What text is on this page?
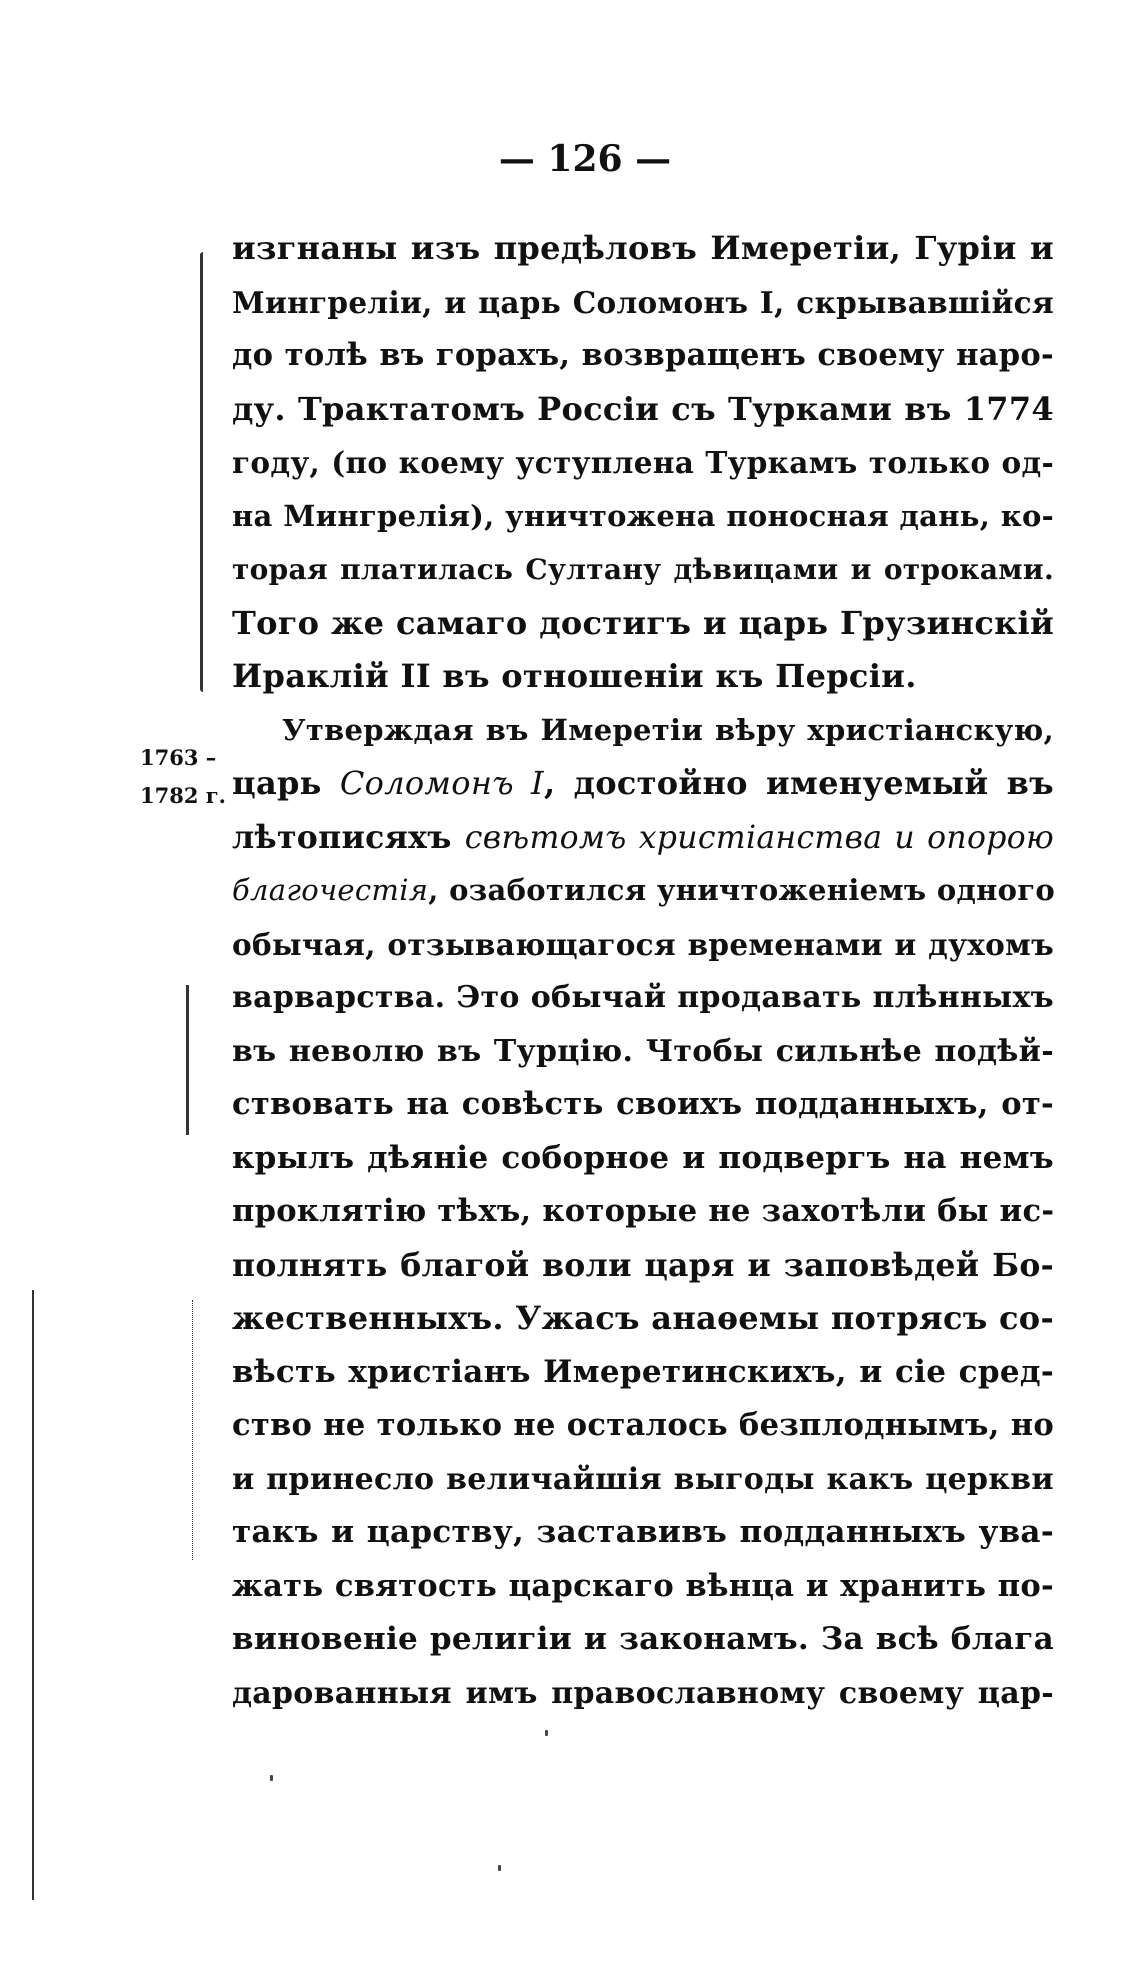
— 126 —
1763 –
1782 г.
изгнаны изъ предѣловъ Имеретіи, Гуріи и
Мингреліи, и царь Соломонъ I, скрывавшійся
до толѣ въ горахъ, возвращенъ своему наро-
ду. Трактатомъ Россіи съ Турками въ 1774
году, (по коему уступлена Туркамъ только од-
на Мингрелія), уничтожена поносная дань, ко-
торая платилась Султану дѣвицами и отроками.
Того же самаго достигъ и царь Грузинскій
Ираклій II въ отношеніи къ Персіи.
Утверждая въ Имеретіи вѣру христіанскую,
царь Соломонъ I, достойно именуемый въ
лѣтописяхъ свѣтомъ христіанства и опорою
благочестія, озаботился уничтоженіемъ одного
обычая, отзывающагося временами и духомъ
варварства. Это обычай продавать плѣнныхъ
въ неволю въ Турцію. Чтобы сильнѣе подѣй-
ствовать на совѣсть своихъ подданныхъ, от-
крылъ дѣяніе соборное и подвергъ на немъ
проклятію тѣхъ, которые не захотѣли бы ис-
полнять благой воли царя и заповѣдей Бо-
жественныхъ. Ужасъ анаѳемы потрясъ со-
вѣсть христіанъ Имеретинскихъ, и сіе сред-
ство не только не осталось безплоднымъ, но
и принесло величайшія выгоды какъ церкви
такъ и царству, заставивъ подданныхъ ува-
жать святость царскаго вѣнца и хранить по-
виновеніе религіи и законамъ. За всѣ блага
дарованныя имъ православному своему цар-
